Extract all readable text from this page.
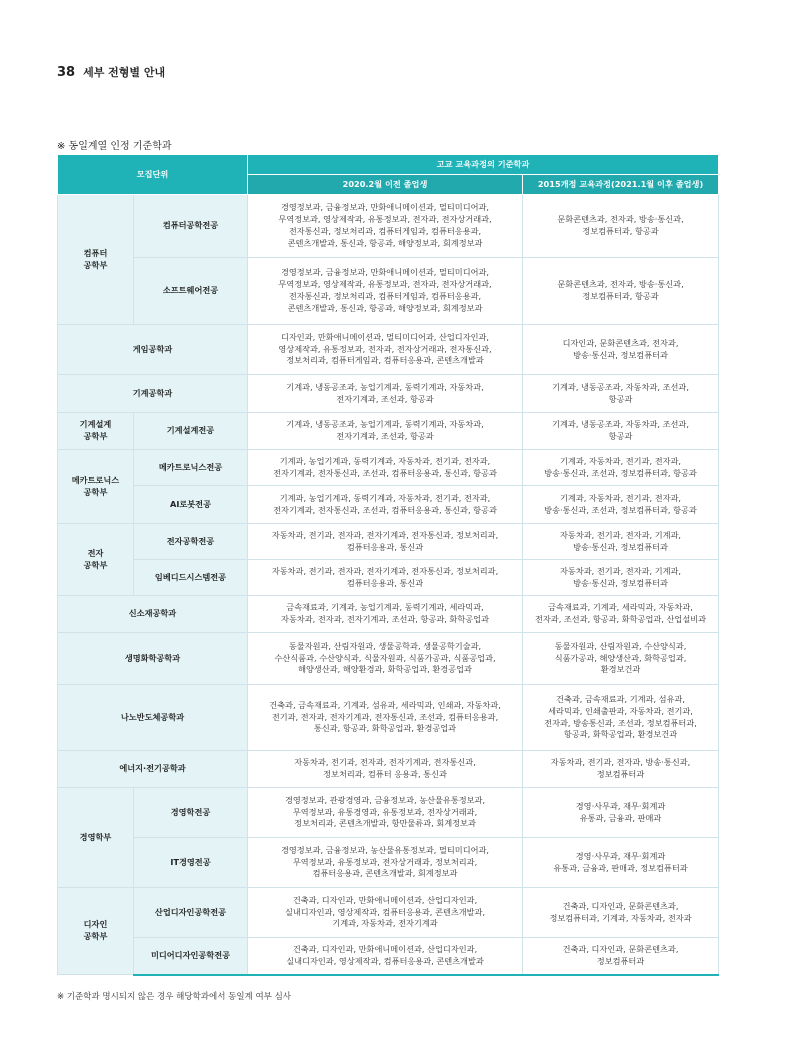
38 세부 전형별 안내
※ 동일계열 인정 기준학과
모집단위		고교 교육과정의 기준학과	
		2020.2월 이전 졸업생	2015개정 교육과정(2021.1월 이후 졸업생)
컴퓨터
공학부	컴퓨터공학전공	경영정보과, 금융정보과, 만화애니메이션과, 멀티미디어과,
무역정보과, 영상제작과, 유통정보과, 전자과, 전자상거래과,
전자통신과, 정보처리과, 컴퓨터게임과, 컴퓨터응용과,
콘텐츠개발과, 통신과, 항공과, 해양정보과, 회계정보과	문화콘텐츠과, 전자과, 방송·통신과,
정보컴퓨터과, 항공과
	소프트웨어전공	경영정보과, 금융정보과, 만화애니메이션과, 멀티미디어과,
무역정보과, 영상제작과, 유통정보과, 전자과, 전자상거래과,
전자통신과, 정보처리과, 컴퓨터게임과, 컴퓨터응용과,
콘텐츠개발과, 통신과, 항공과, 해양정보과, 회계정보과	문화콘텐츠과, 전자과, 방송·통신과,
정보컴퓨터과, 항공과
게임공학과		디자인과, 만화애니메이션과, 멀티미디어과, 산업디자인과,
영상제작과, 유통정보과, 전자과, 전자상거래과, 전자통신과,
정보처리과, 컴퓨터게임과, 컴퓨터응용과, 콘텐츠개발과	디자인과, 문화콘텐츠과, 전자과,
방송·통신과, 정보컴퓨터과
기계공학과		기계과, 냉동공조과, 농업기계과, 동력기계과, 자동차과,
전자기계과, 조선과, 항공과	기계과, 냉동공조과, 자동차과, 조선과,
항공과
기계설계
공학부	기계설계전공	기계과, 냉동공조과, 농업기계과, 동력기계과, 자동차과,
전자기계과, 조선과, 항공과	기계과, 냉동공조과, 자동차과, 조선과,
항공과
메카트로닉스
공학부	메카트로닉스전공	기계과, 농업기계과, 동력기계과, 자동차과, 전기과, 전자과,
전자기계과, 전자통신과, 조선과, 컴퓨터응용과, 통신과, 항공과	기계과, 자동차과, 전기과, 전자과,
방송·통신과, 조선과, 정보컴퓨터과, 항공과
	AI로봇전공	기계과, 농업기계과, 동력기계과, 자동차과, 전기과, 전자과,
전자기계과, 전자통신과, 조선과, 컴퓨터응용과, 통신과, 항공과	기계과, 자동차과, 전기과, 전자과,
방송·통신과, 조선과, 정보컴퓨터과, 항공과
전자
공학부	전자공학전공	자동차과, 전기과, 전자과, 전자기계과, 전자통신과, 정보처리과,
컴퓨터응용과, 통신과	자동차과, 전기과, 전자과, 기계과,
방송·통신과, 정보컴퓨터과
	임베디드시스템전공	자동차과, 전기과, 전자과, 전자기계과, 전자통신과, 정보처리과,
컴퓨터응용과, 통신과	자동차과, 전기과, 전자과, 기계과,
방송·통신과, 정보컴퓨터과
신소재공학과		금속재료과, 기계과, 농업기계과, 동력기계과, 세라믹과,
자동차과, 전자과, 전자기계과, 조선과, 항공과, 화학공업과	금속재료과, 기계과, 세라믹과, 자동차과,
전자과, 조선과, 항공과, 화학공업과, 산업설비과
생명화학공학과		동물자원과, 산림자원과, 생물공학과, 생물공학기술과,
수산식품과, 수산양식과, 식물자원과, 식품가공과, 식품공업과,
해양생산과, 해양환경과, 화학공업과, 환경공업과	동물자원과, 산림자원과, 수산양식과,
식품가공과, 해양생산과, 화학공업과,
환경보건과
나노반도체공학과		건축과, 금속재료과, 기계과, 섬유과, 세라믹과, 인쇄과, 자동차과,
전기과, 전자과, 전자기계과, 전자통신과, 조선과, 컴퓨터응용과,
통신과, 항공과, 화학공업과, 환경공업과	건축과, 금속재료과, 기계과, 섬유과,
세라믹과, 인쇄출판과, 자동차과, 전기과,
전자과, 방송통신과, 조선과, 정보컴퓨터과,
항공과, 화학공업과, 환경보건과
에너지·전기공학과		자동차과, 전기과, 전자과, 전자기계과, 전자통신과,
정보처리과, 컴퓨터 응용과, 통신과	자동차과, 전기과, 전자과, 방송·통신과,
정보컴퓨터과
경영학부	경영학전공	경영정보과, 관광경영과, 금융정보과, 농산물유통정보과,
무역정보과, 유통경영과, 유통정보과, 전자상거래과,
정보처리과, 콘텐츠개발과, 항만물류과, 회계정보과	경영·사무과, 재무·회계과
유통과, 금융과, 판매과
	IT경영전공	경영정보과, 금융정보과, 농산물유통정보과, 멀티미디어과,
무역정보과, 유통정보과, 전자상거래과, 정보처리과,
컴퓨터응용과, 콘텐츠개발과, 회계정보과	경영·사무과, 재무·회계과
유통과, 금융과, 판매과, 정보컴퓨터과
디자인
공학부	산업디자인공학전공	건축과, 디자인과, 만화애니메이션과, 산업디자인과,
실내디자인과, 영상제작과, 컴퓨터응용과, 콘텐츠개발과,
기계과, 자동차과, 전자기계과	건축과, 디자인과, 문화콘텐츠과,
정보컴퓨터과, 기계과, 자동차과, 전자과
	미디어디자인공학전공	건축과, 디자인과, 만화애니메이션과, 산업디자인과,
실내디자인과, 영상제작과, 컴퓨터응용과, 콘텐츠개발과	건축과, 디자인과, 문화콘텐츠과,
정보컴퓨터과
※ 기준학과 명시되지 않은 경우 해당학과에서 동일계 여부 심사
